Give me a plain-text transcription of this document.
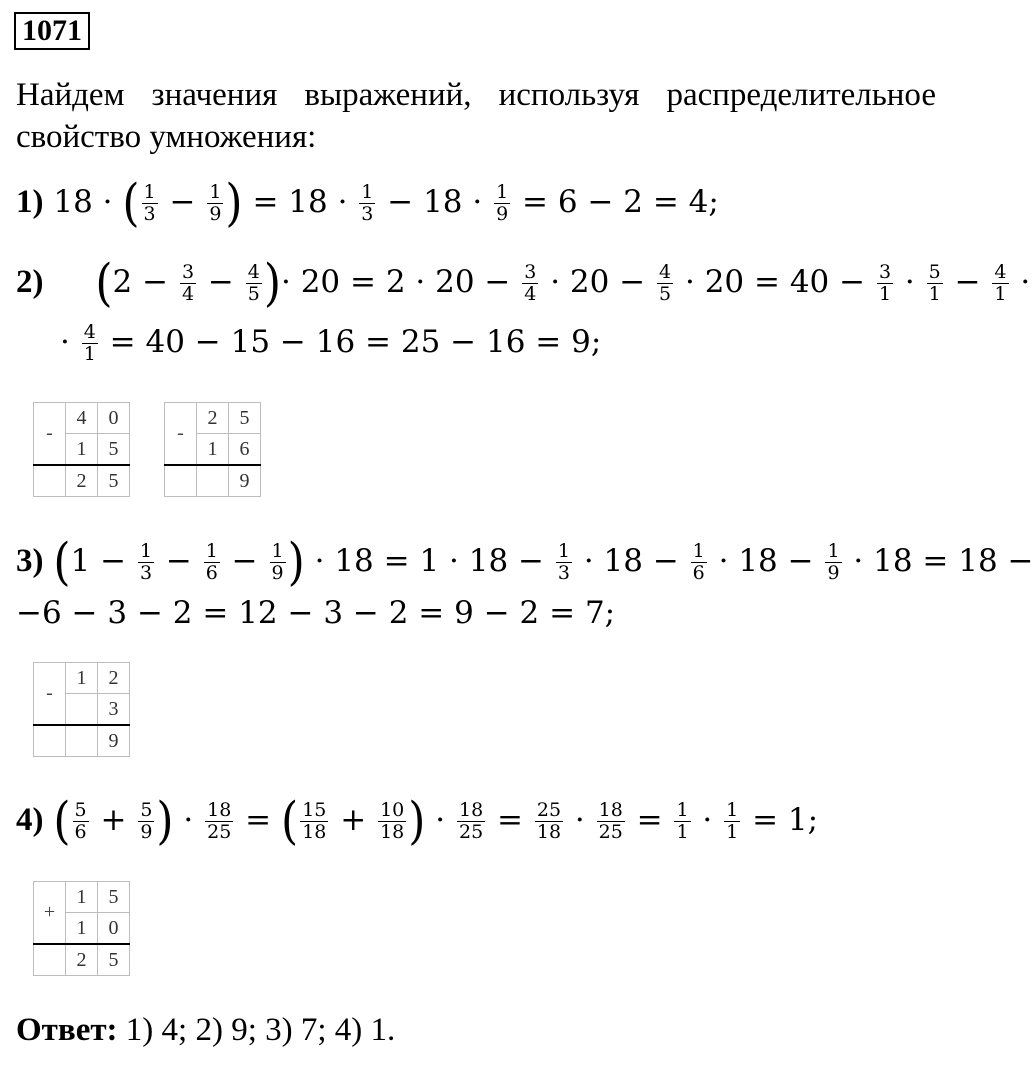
1071
Найдем значения выражений, используя распределительное свойство умножения:
1) 18 · ( $\frac{1}{3} - \frac{1}{9}$ ) = $18 \cdot \frac{1}{3} - 18 \cdot \frac{1}{9} = 6 - 2 = 4$;
2) ($2 - \frac{3}{4} - \frac{4}{5}$ )· $20 = 2 \cdot 20 - \frac{3}{4} \cdot 20 - \frac{4}{5} \cdot 20 = 40 - \frac{3}{1} \cdot \frac{5}{1} - \frac{4}{1}$ ·
· $\frac{4}{1} = 40 - 15 - 16 = 25 - 16 = 9$;
-	4	0
	1	5
	2	5
-	2	5
	1	6
		9
3) ($1 - \frac{1}{3} - \frac{1}{6} - \frac{1}{9}$ ) · $18 = 1 \cdot 18 - \frac{1}{3} \cdot 18 - \frac{1}{6} \cdot 18 - \frac{1}{9} \cdot 18 = 18$ −
−6 − 3 − 2 = 12 − 3 − 2 = 9 − 2 = 7;
-	1	2
		3
		9
4) ( $\frac{5}{6} + \frac{5}{9}$ ) · $\frac{18}{25}$ = ( $\frac{15}{18} + \frac{10}{18}$ ) · $\frac{18}{25} = \frac{25}{18} \cdot \frac{18}{25} = \frac{1}{1} \cdot \frac{1}{1} = 1$;
+	1	5
	1	0
	2	5
Ответ: 1) 4; 2) 9; 3) 7; 4) 1.
